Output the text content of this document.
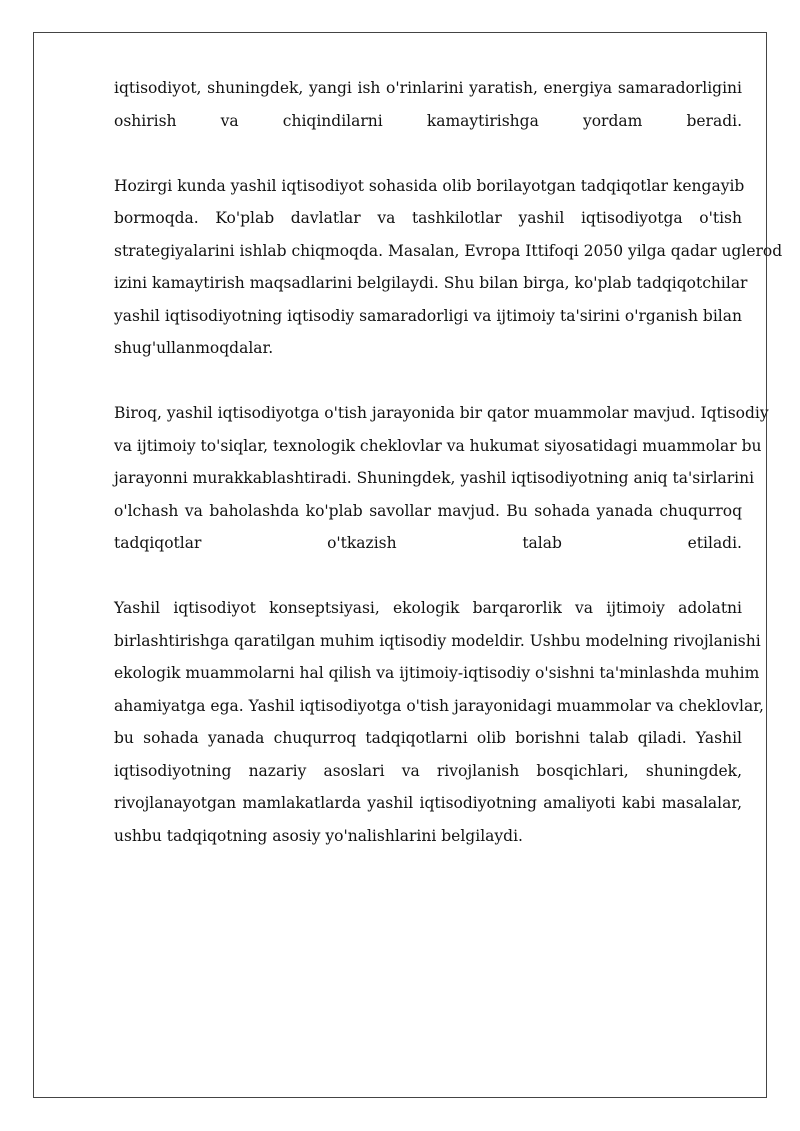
iqtisodiyot, shuningdek, yangi ish o'rinlarini yaratish, energiya samaradorligini
oshirish va chiqindilarni kamaytirishga yordam beradi.
Hozirgi kunda yashil iqtisodiyot sohasida olib borilayotgan tadqiqotlar kengayib
bormoqda. Ko'plab davlatlar va tashkilotlar yashil iqtisodiyotga o'tish
strategiyalarini ishlab chiqmoqda. Masalan, Evropa Ittifoqi 2050 yilga qadar uglerod
izini kamaytirish maqsadlarini belgilaydi. Shu bilan birga, ko'plab tadqiqotchilar
yashil iqtisodiyotning iqtisodiy samaradorligi va ijtimoiy ta'sirini o'rganish bilan
shug'ullanmoqdalar.
Biroq, yashil iqtisodiyotga o'tish jarayonida bir qator muammolar mavjud. Iqtisodiy
va ijtimoiy to'siqlar, texnologik cheklovlar va hukumat siyosatidagi muammolar bu
jarayonni murakkablashtiradi. Shuningdek, yashil iqtisodiyotning aniq ta'sirlarini
o'lchash va baholashda ko'plab savollar mavjud. Bu sohada yanada chuqurroq
tadqiqotlar o'tkazish talab etiladi.
Yashil iqtisodiyot konseptsiyasi, ekologik barqarorlik va ijtimoiy adolatni
birlashtirishga qaratilgan muhim iqtisodiy modeldir. Ushbu modelning rivojlanishi
ekologik muammolarni hal qilish va ijtimoiy-iqtisodiy o'sishni ta'minlashda muhim
ahamiyatga ega. Yashil iqtisodiyotga o'tish jarayonidagi muammolar va cheklovlar,
bu sohada yanada chuqurroq tadqiqotlarni olib borishni talab qiladi. Yashil
iqtisodiyotning nazariy asoslari va rivojlanish bosqichlari, shuningdek,
rivojlanayotgan mamlakatlarda yashil iqtisodiyotning amaliyoti kabi masalalar,
ushbu tadqiqotning asosiy yo'nalishlarini belgilaydi.
